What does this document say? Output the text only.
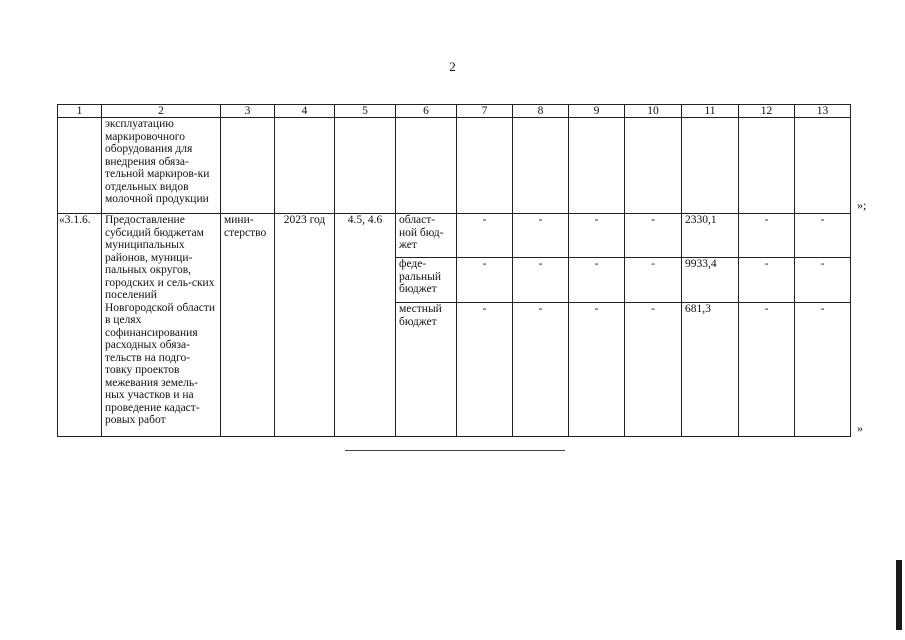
2
1	2	3	4	5	6	7	8	9	10	11	12	13
	эксплуатацию маркировочного оборудования для внедрения обяза-тельной маркиров-ки отдельных видов молочной продукции											
«3.1.6.	Предоставление субсидий бюджетам муниципальных районов, муници-пальных округов, городских и сель-ских поселений Новгородской области в целях софинансирования расходных обяза-тельств на подго-товку проектов межевания земель-ных участков и на проведение кадаст-ровых работ	мини-стерство	2023 год	4.5, 4.6	област-ной бюд-жет	-	-	-	-	2330,1	-	-
					феде-ральный бюджет	-	-	-	-	9933,4	-	-
					местный бюджет	-	-	-	-	681,3	-	-
»;
»
